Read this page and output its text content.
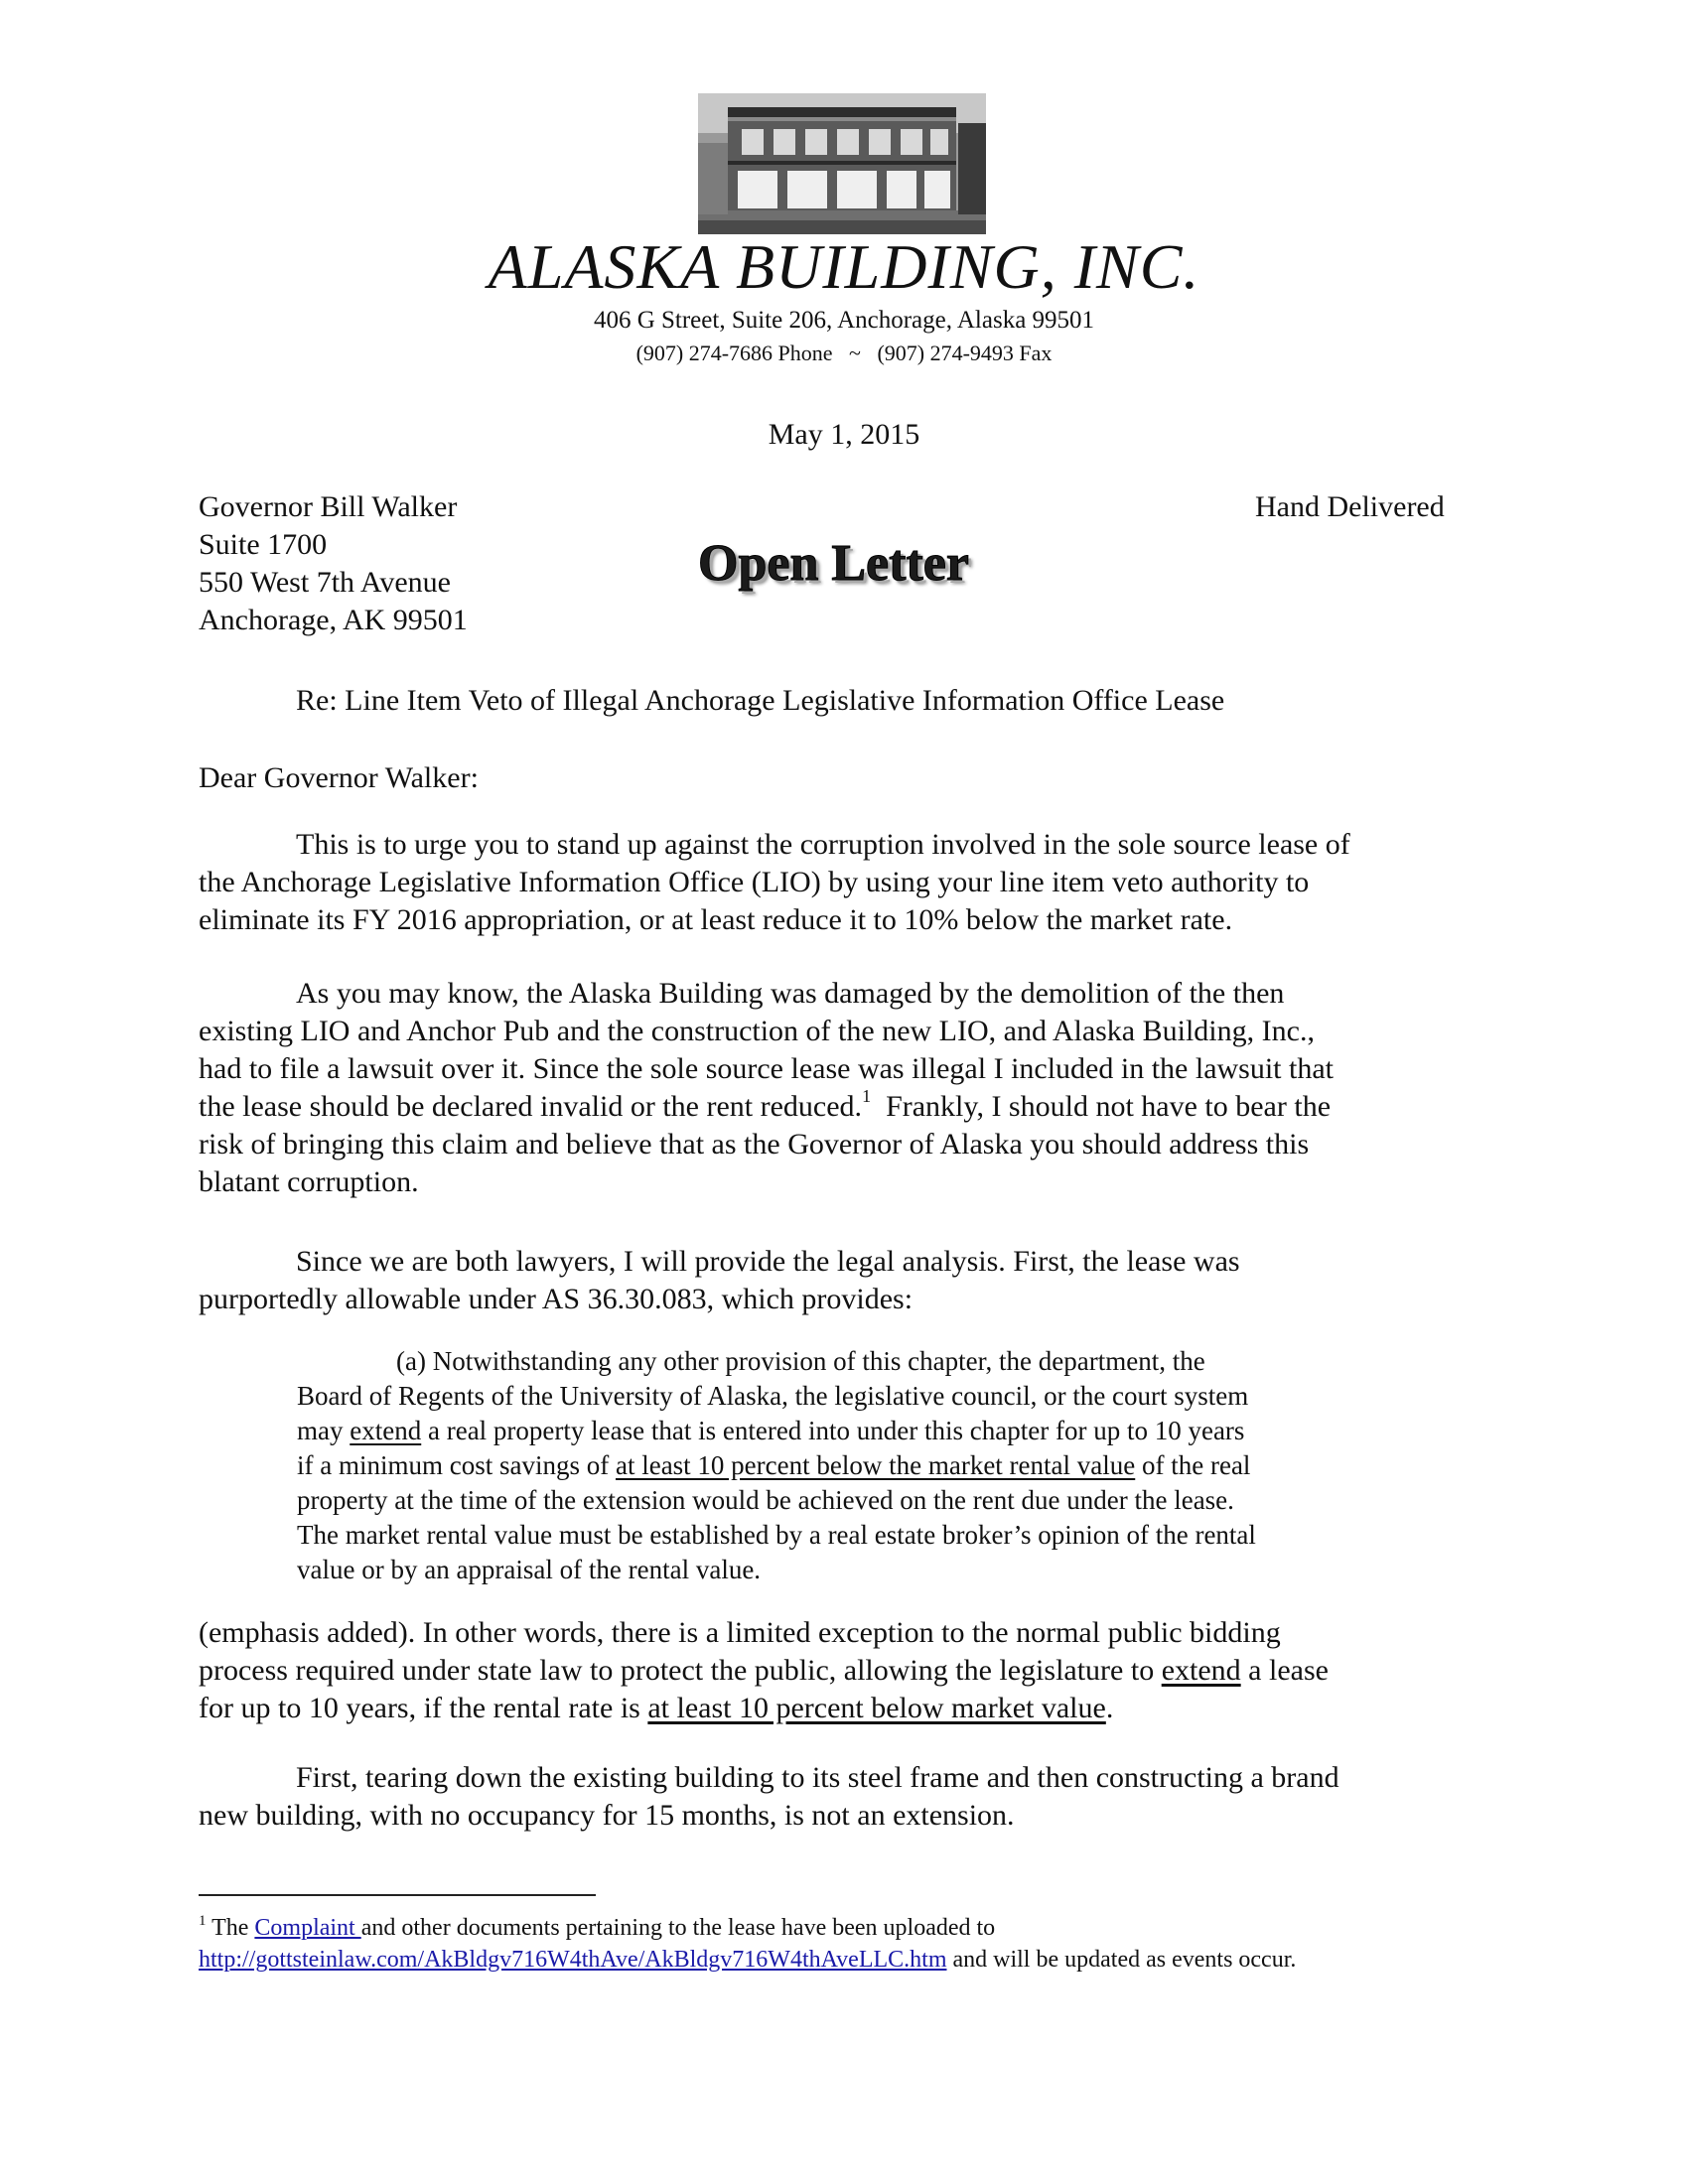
ALASKA BUILDING, INC.
406 G Street, Suite 206, Anchorage, Alaska 99501
(907) 274-7686 Phone ~ (907) 274-9493 Fax
May 1, 2015
Governor Bill Walker
Suite 1700
550 West 7th Avenue
Anchorage, AK 99501
Hand Delivered
Open Letter
Re: Line Item Veto of Illegal Anchorage Legislative Information Office Lease
Dear Governor Walker:
This is to urge you to stand up against the corruption involved in the sole source lease of
the Anchorage Legislative Information Office (LIO) by using your line item veto authority to
eliminate its FY 2016 appropriation, or at least reduce it to 10% below the market rate.
As you may know, the Alaska Building was damaged by the demolition of the then
existing LIO and Anchor Pub and the construction of the new LIO, and Alaska Building, Inc.,
had to file a lawsuit over it. Since the sole source lease was illegal I included in the lawsuit that
the lease should be declared invalid or the rent reduced.$^1$  Frankly, I should not have to bear the
risk of bringing this claim and believe that as the Governor of Alaska you should address this
blatant corruption.
Since we are both lawyers, I will provide the legal analysis. First, the lease was
purportedly allowable under AS 36.30.083, which provides:
(a) Notwithstanding any other provision of this chapter, the department, the
Board of Regents of the University of Alaska, the legislative council, or the court system
may extend a real property lease that is entered into under this chapter for up to 10 years
if a minimum cost savings of at least 10 percent below the market rental value of the real
property at the time of the extension would be achieved on the rent due under the lease.
The market rental value must be established by a real estate broker’s opinion of the rental
value or by an appraisal of the rental value.
(emphasis added). In other words, there is a limited exception to the normal public bidding
process required under state law to protect the public, allowing the legislature to extend a lease
for up to 10 years, if the rental rate is at least 10 percent below market value.
First, tearing down the existing building to its steel frame and then constructing a brand
new building, with no occupancy for 15 months, is not an extension.
$^1$ The Complaint and other documents pertaining to the lease have been uploaded to
http://gottsteinlaw.com/AkBldgv716W4thAve/AkBldgv716W4thAveLLC.htm and will be updated as events occur.
